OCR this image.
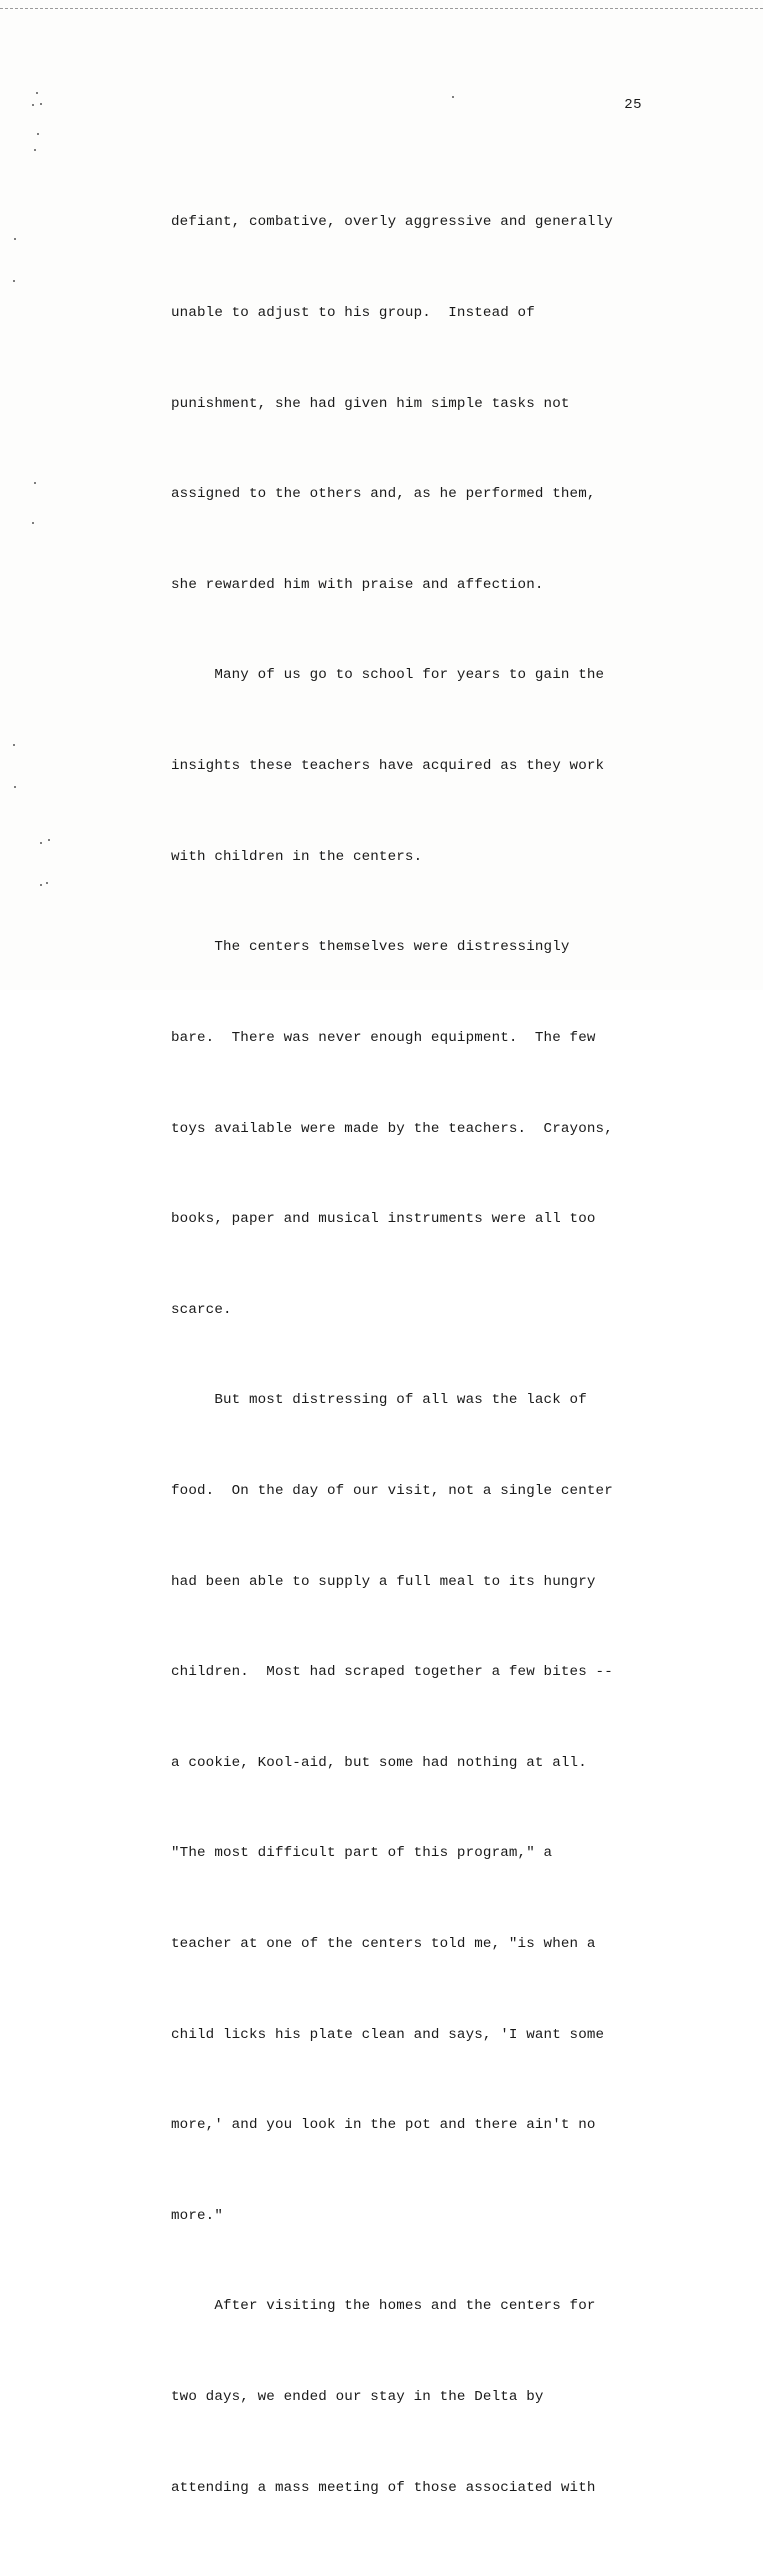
25

defiant, combative, overly aggressive and generally

unable to adjust to his group.  Instead of

punishment, she had given him simple tasks not

assigned to the others and, as he performed them,

she rewarded him with praise and affection.

Many of us go to school for years to gain the

insights these teachers have acquired as they work

with children in the centers.

The centers themselves were distressingly

bare.  There was never enough equipment.  The few

toys available were made by the teachers.  Crayons,

books, paper and musical instruments were all too

scarce.

But most distressing of all was the lack of

food.  On the day of our visit, not a single center

had been able to supply a full meal to its hungry

children.  Most had scraped together a few bites --

a cookie, Kool-aid, but some had nothing at all.

"The most difficult part of this program," a

teacher at one of the centers told me, "is when a

child licks his plate clean and says, 'I want some

more,' and you look in the pot and there ain't no

more."

After visiting the homes and the centers for

two days, we ended our stay in the Delta by

attending a mass meeting of those associated with
